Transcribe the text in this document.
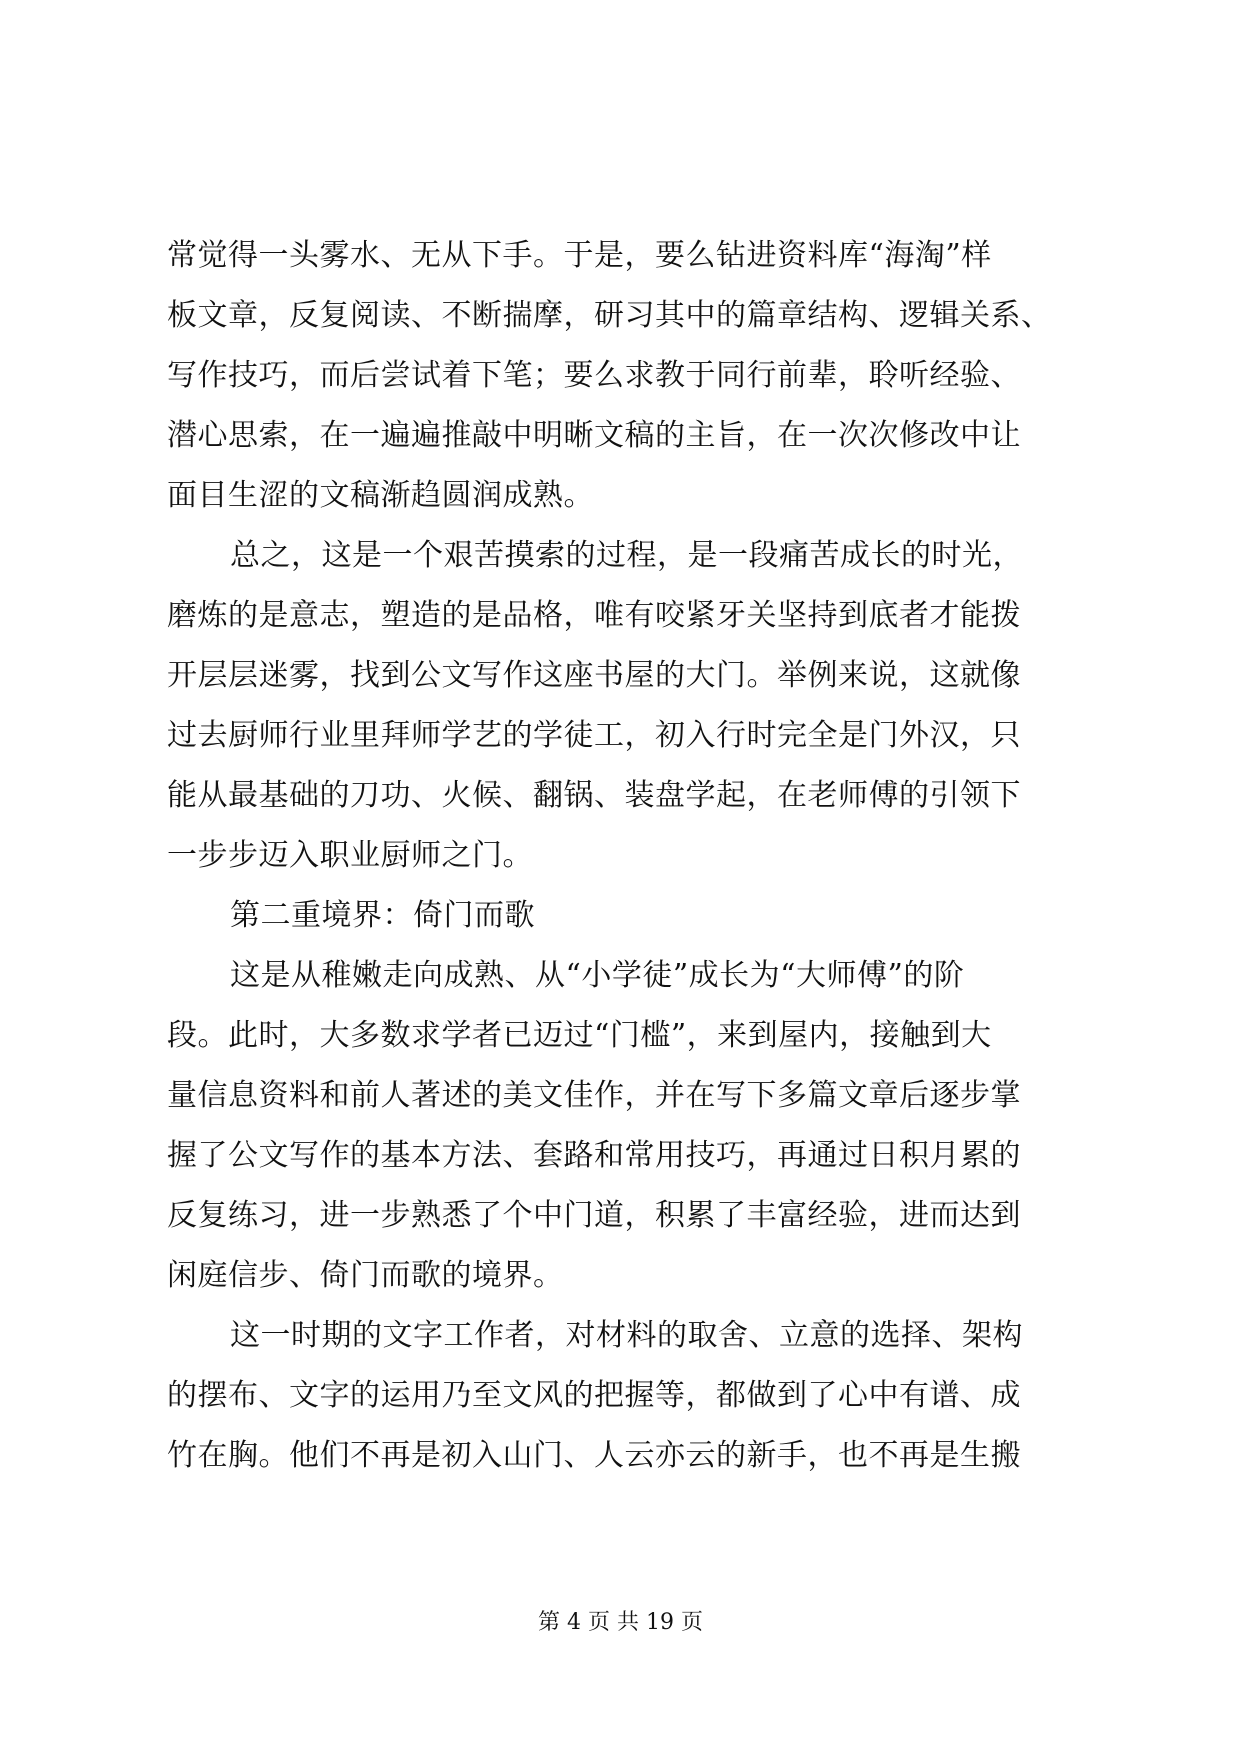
常觉得一头雾水、无从下手。于是，要么钻进资料库“海淘”样
板文章，反复阅读、不断揣摩，研习其中的篇章结构、逻辑关系、
写作技巧，而后尝试着下笔；要么求教于同行前辈，聆听经验、
潜心思索，在一遍遍推敲中明晰文稿的主旨，在一次次修改中让
面目生涩的文稿渐趋圆润成熟。
总之，这是一个艰苦摸索的过程，是一段痛苦成长的时光，
磨炼的是意志，塑造的是品格，唯有咬紧牙关坚持到底者才能拨
开层层迷雾，找到公文写作这座书屋的大门。举例来说，这就像
过去厨师行业里拜师学艺的学徒工，初入行时完全是门外汉，只
能从最基础的刀功、火候、翻锅、装盘学起，在老师傅的引领下
一步步迈入职业厨师之门。
第二重境界：倚门而歌
这是从稚嫩走向成熟、从“小学徒”成长为“大师傅”的阶
段。此时，大多数求学者已迈过“门槛”，来到屋内，接触到大
量信息资料和前人著述的美文佳作，并在写下多篇文章后逐步掌
握了公文写作的基本方法、套路和常用技巧，再通过日积月累的
反复练习，进一步熟悉了个中门道，积累了丰富经验，进而达到
闲庭信步、倚门而歌的境界。
这一时期的文字工作者，对材料的取舍、立意的选择、架构
的摆布、文字的运用乃至文风的把握等，都做到了心中有谱、成
竹在胸。他们不再是初入山门、人云亦云的新手，也不再是生搬
第 4 页 共 19 页
